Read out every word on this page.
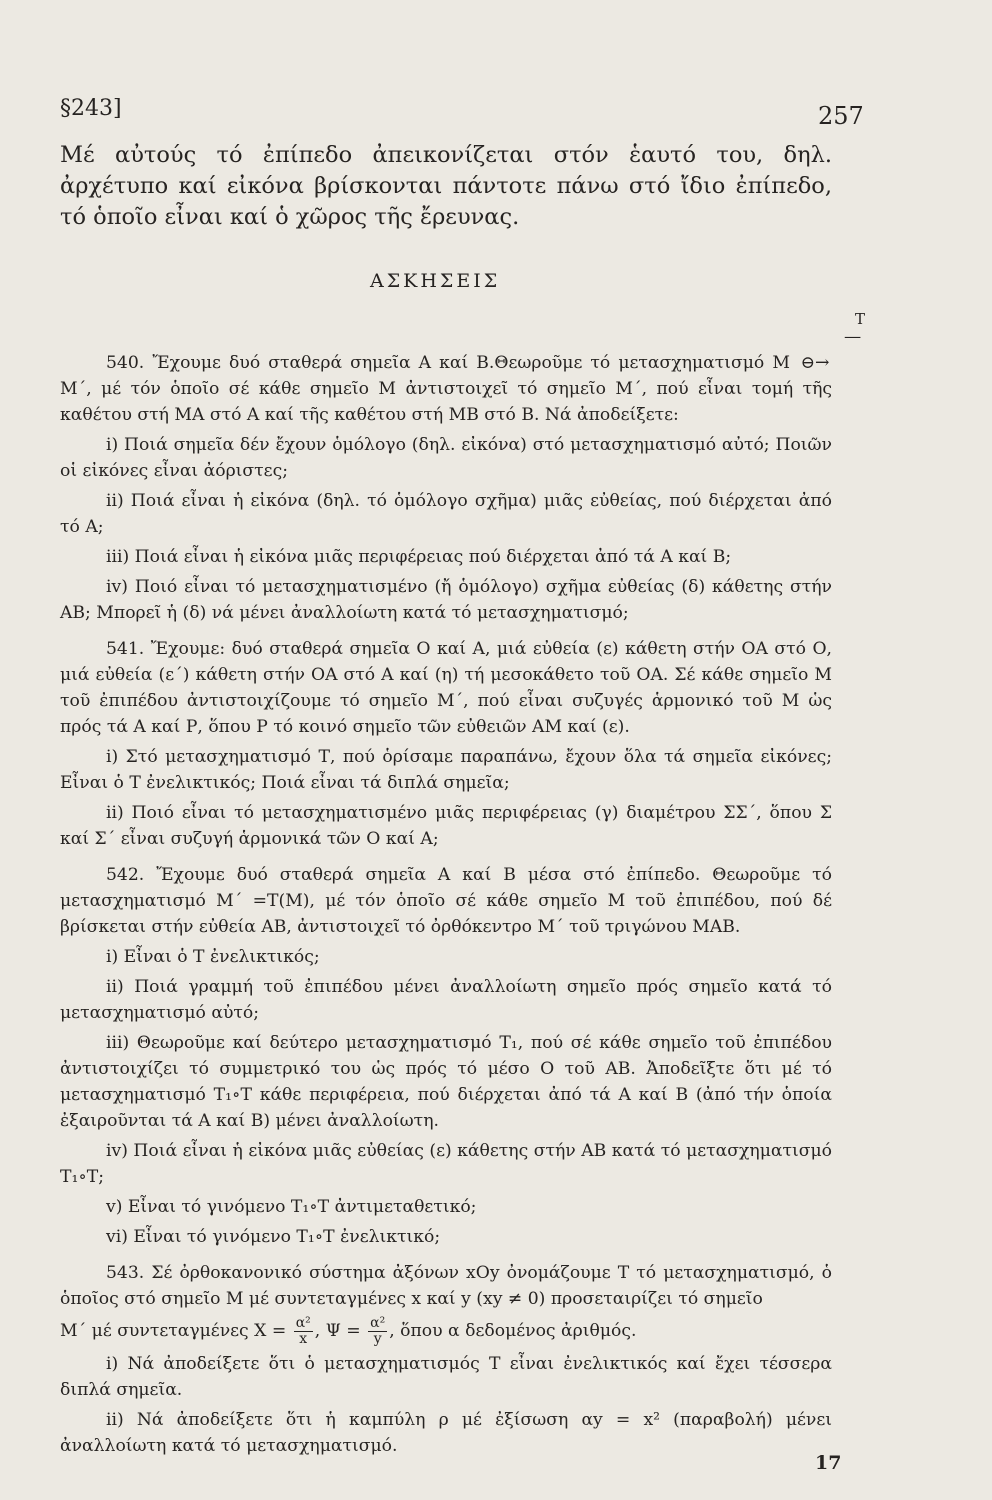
§243]	257
Μέ αὐτούς τό ἐπίπεδο ἀπεικονίζεται στόν ἑαυτό του, δηλ. ἀρχέτυπο καί εἰκόνα βρίσκονται πάντοτε πάνω στό ἴδιο ἐπίπεδο, τό ὁποῖο εἶναι καί ὁ χῶρος τῆς ἔρευνας.
ΑΣΚΗΣΕΙΣ

540. Ἔχουμε δυό σταθερά σημεῖα Α καί Β.Θεωροῦμε τό μετασχηματισμό Μ
Τ
—⊖→ Μ΄, μέ τόν ὁποῖο σέ κάθε σημεῖο Μ ἀντιστοιχεῖ τό σημεῖο Μ΄, πού εἶναι τομή τῆς καθέτου στή ΜΑ στό Α καί τῆς καθέτου στή ΜΒ στό Β. Νά ἀποδείξετε:

i) Ποιά σημεῖα δέν ἔχουν ὁμόλογο (δηλ. εἰκόνα) στό μετασχηματισμό αὐτό; Ποιῶν οἱ εἰκόνες εἶναι ἀόριστες;

ii) Ποιά εἶναι ἡ εἰκόνα (δηλ. τό ὁμόλογο σχῆμα) μιᾶς εὐθείας, πού διέρχεται ἀπό τό Α;

iii) Ποιά εἶναι ἡ εἰκόνα μιᾶς περιφέρειας πού διέρχεται ἀπό τά Α καί Β;

iv) Ποιό εἶναι τό μετασχηματισμένο (ἤ ὁμόλογο) σχῆμα εὐθείας (δ) κάθετης στήν ΑΒ; Μπορεῖ ἡ (δ) νά μένει ἀναλλοίωτη κατά τό μετασχηματισμό;

541. Ἔχουμε: δυό σταθερά σημεῖα Ο καί Α, μιά εὐθεία (ε) κάθετη στήν ΟΑ στό Ο, μιά εὐθεία (ε΄) κάθετη στήν ΟΑ στό Α καί (η) τή μεσοκάθετο τοῦ ΟΑ. Σέ κάθε σημεῖο Μ τοῦ ἐπιπέδου ἀντιστοιχίζουμε τό σημεῖο Μ΄, πού εἶναι συζυγές ἁρμονικό τοῦ Μ ὡς πρός τά Α καί Ρ, ὅπου Ρ τό κοινό σημεῖο τῶν εὐθειῶν ΑΜ καί (ε).

i) Στό μετασχηματισμό Τ, πού ὁρίσαμε παραπάνω, ἔχουν ὅλα τά σημεῖα εἰκόνες; Εἶναι ὁ Τ ἐνελικτικός; Ποιά εἶναι τά διπλά σημεῖα;

ii) Ποιό εἶναι τό μετασχηματισμένο μιᾶς περιφέρειας (γ) διαμέτρου ΣΣ΄, ὅπου Σ καί Σ΄ εἶναι συζυγή ἁρμονικά τῶν Ο καί Α;

542. Ἔχουμε δυό σταθερά σημεῖα Α καί Β μέσα στό ἐπίπεδο. Θεωροῦμε τό μετασχηματισμό Μ΄ =Τ(Μ), μέ τόν ὁποῖο σέ κάθε σημεῖο Μ τοῦ ἐπιπέδου, πού δέ βρίσκεται στήν εὐθεία ΑΒ, ἀντιστοιχεῖ τό ὀρθόκεντρο Μ΄ τοῦ τριγώνου ΜΑΒ.

i) Εἶναι ὁ Τ ἐνελικτικός;

ii) Ποιά γραμμή τοῦ ἐπιπέδου μένει ἀναλλοίωτη σημεῖο πρός σημεῖο κατά τό μετασχηματισμό αὐτό;

iii) Θεωροῦμε καί δεύτερο μετασχηματισμό Τ₁, πού σέ κάθε σημεῖο τοῦ ἐπιπέδου ἀντιστοιχίζει τό συμμετρικό του ὡς πρός τό μέσο Ο τοῦ ΑΒ. Ἀποδεῖξτε ὅτι μέ τό μετασχηματισμό Τ₁∘Τ κάθε περιφέρεια, πού διέρχεται ἀπό τά Α καί Β (ἀπό τήν ὁποία ἐξαιροῦνται τά Α καί Β) μένει ἀναλλοίωτη.

iv) Ποιά εἶναι ἡ εἰκόνα μιᾶς εὐθείας (ε) κάθετης στήν ΑΒ κατά τό μετασχηματισμό Τ₁∘Τ;

v) Εἶναι τό γινόμενο Τ₁∘Τ ἀντιμεταθετικό;

vi) Εἶναι τό γινόμενο Τ₁∘Τ ἐνελικτικό;

543. Σέ ὀρθοκανονικό σύστημα ἀξόνων xOy ὀνομάζουμε Τ τό μετασχηματισμό, ὁ ὁποῖος στό σημεῖο Μ μέ συντεταγμένες x καί y (xy ≠ 0) προσεταιρίζει τό σημεῖο

Μ΄ μέ συντεταγμένες $X = \frac{\text{α²}}{x}$ , $\Psi = \frac{\text{α²}}{y}$ , ὅπου α δεδομένος ἀριθμός.

i) Νά ἀποδείξετε ὅτι ὁ μετασχηματισμός Τ εἶναι ἐνελικτικός καί ἔχει τέσσερα διπλά σημεῖα.

ii) Νά ἀποδείξετε ὅτι ἡ καμπύλη ρ μέ ἐξίσωση αy = x² (παραβολή) μένει ἀναλλοίωτη κατά τό μετασχηματισμό.

17
